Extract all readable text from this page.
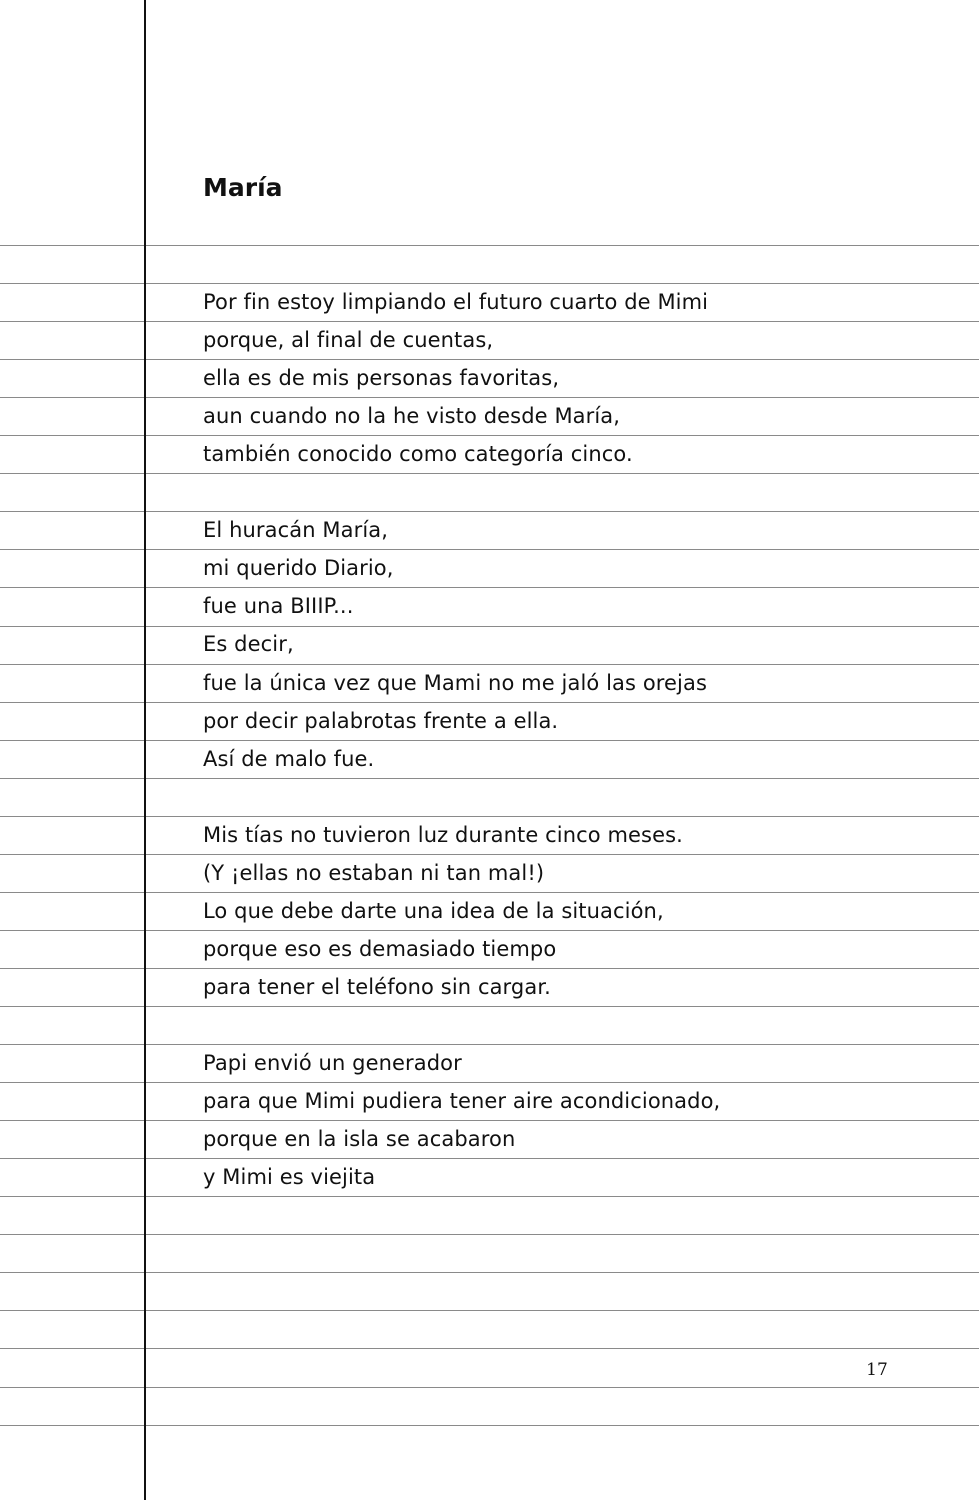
María
Por fin estoy limpiando el futuro cuarto de Mimi
porque, al final de cuentas,
ella es de mis personas favoritas,
aun cuando no la he visto desde María,
también conocido como categoría cinco.
El huracán María,
mi querido Diario,
fue una BIIIP...
Es decir,
fue la única vez que Mami no me jaló las orejas
por decir palabrotas frente a ella.
Así de malo fue.
Mis tías no tuvieron luz durante cinco meses.
(Y ¡ellas no estaban ni tan mal!)
Lo que debe darte una idea de la situación,
porque eso es demasiado tiempo
para tener el teléfono sin cargar.
Papi envió un generador
para que Mimi pudiera tener aire acondicionado,
porque en la isla se acabaron
y Mimi es viejita
17
